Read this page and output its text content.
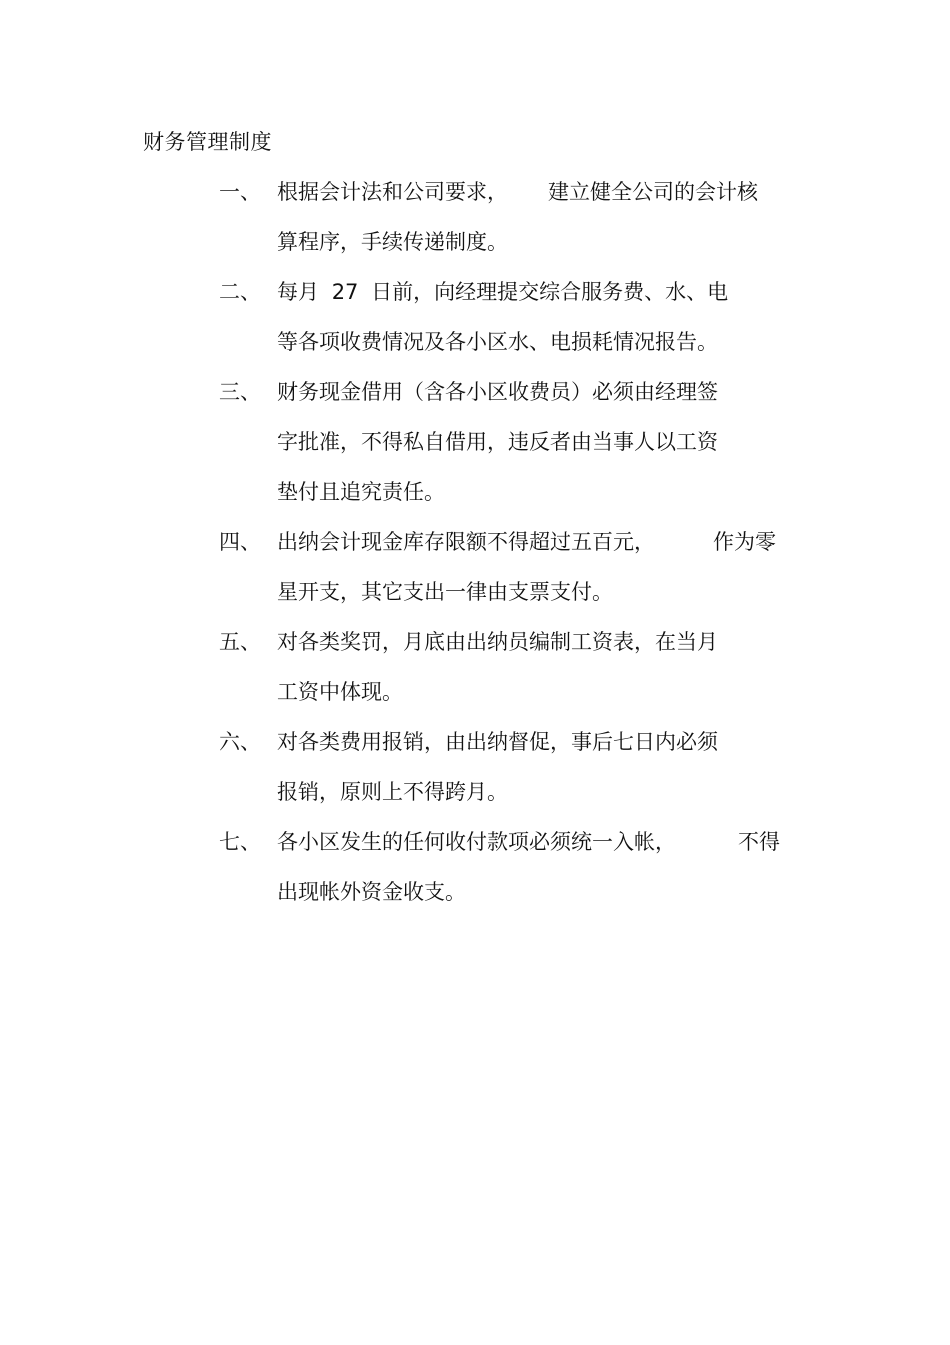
财务管理制度
一、 根据会计法和公司要求， 建立健全公司的会计核
算程序，手续传递制度。
二、 每月 27 日前，向经理提交综合服务费、水、电
等各项收费情况及各小区水、电损耗情况报告。
三、 财务现金借用（含各小区收费员）必须由经理签
字批准，不得私自借用，违反者由当事人以工资
垫付且追究责任。
四、 出纳会计现金库存限额不得超过五百元，	作为零
星开支，其它支出一律由支票支付。
五、 对各类奖罚，月底由出纳员编制工资表，在当月
工资中体现。
六、 对各类费用报销，由出纳督促，事后七日内必须
报销，原则上不得跨月。
七、 各小区发生的任何收付款项必须统一入帐，	不得
出现帐外资金收支。
